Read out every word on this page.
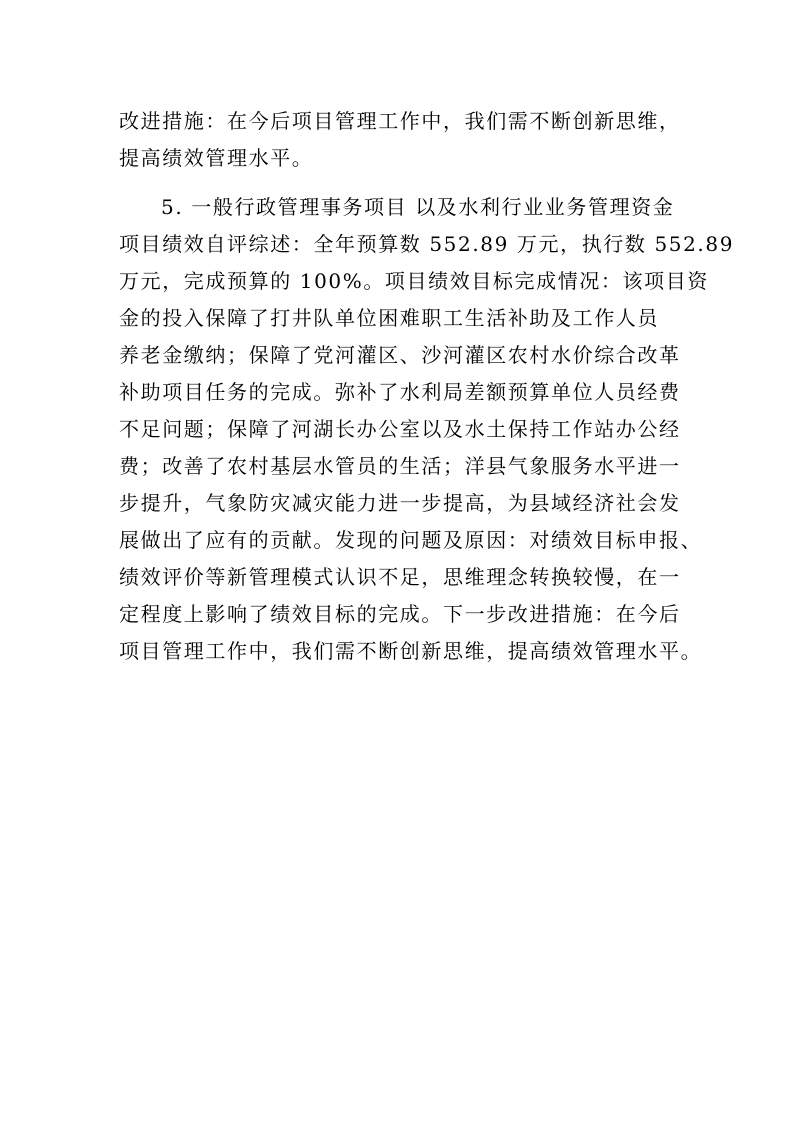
改进措施：在今后项目管理工作中，我们需不断创新思维，
提高绩效管理水平。
5. 一般行政管理事务项目 以及水利行业业务管理资金
项目绩效自评综述：全年预算数 552.89 万元，执行数 552.89
万元，完成预算的 100%。项目绩效目标完成情况：该项目资
金的投入保障了打井队单位困难职工生活补助及工作人员
养老金缴纳；保障了党河灌区、沙河灌区农村水价综合改革
补助项目任务的完成。弥补了水利局差额预算单位人员经费
不足问题；保障了河湖长办公室以及水土保持工作站办公经
费；改善了农村基层水管员的生活；洋县气象服务水平进一
步提升，气象防灾减灾能力进一步提高，为县域经济社会发
展做出了应有的贡献。发现的问题及原因：对绩效目标申报、
绩效评价等新管理模式认识不足，思维理念转换较慢，在一
定程度上影响了绩效目标的完成。下一步改进措施：在今后
项目管理工作中，我们需不断创新思维，提高绩效管理水平。
